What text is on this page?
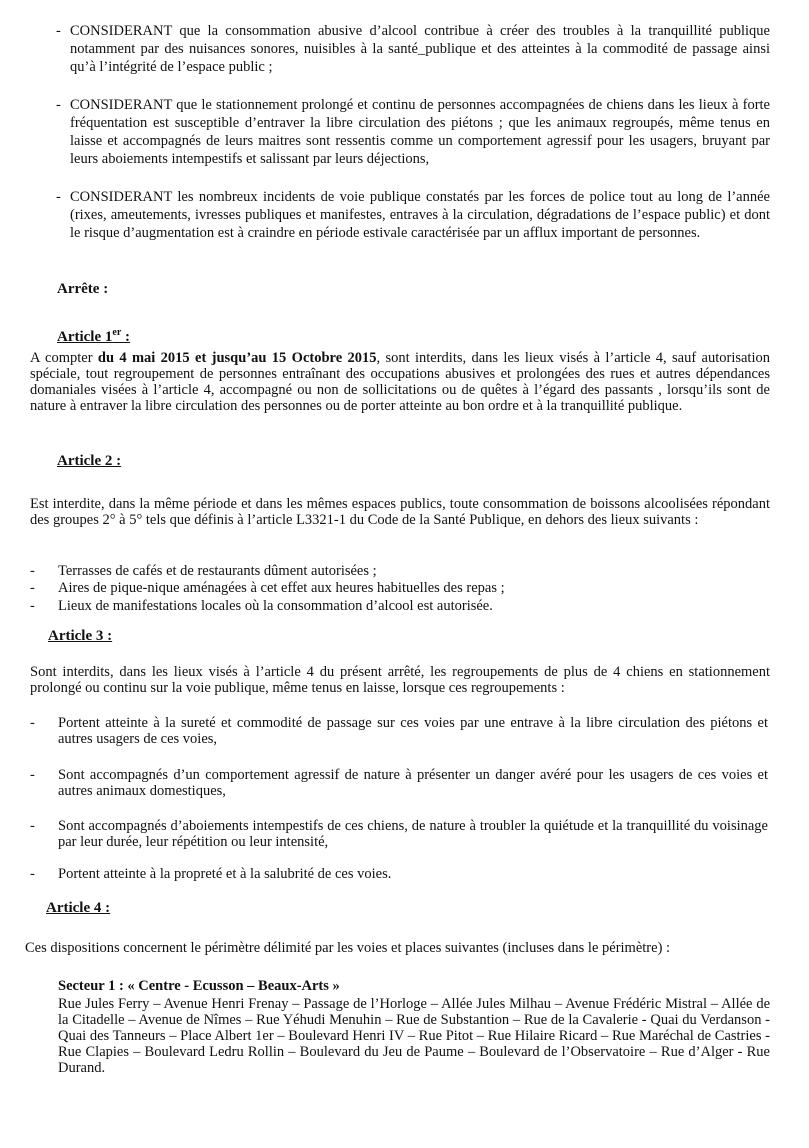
- CONSIDERANT que la consommation abusive d’alcool contribue à créer des troubles à la tranquillité publique notamment par des nuisances sonores, nuisibles à la santé_publique et des atteintes à la commodité de passage ainsi qu’à l’intégrité de l’espace public ;
- CONSIDERANT que le stationnement prolongé et continu de personnes accompagnées de chiens dans les lieux à forte fréquentation est susceptible d’entraver la libre circulation des piétons ; que les animaux regroupés, même tenus en laisse et accompagnés de leurs maitres sont ressentis comme un comportement agressif pour les usagers, bruyant par leurs aboiements intempestifs et salissant par leurs déjections,
- CONSIDERANT les nombreux incidents de voie publique constatés par les forces de police tout au long de l’année (rixes, ameutements, ivresses publiques et manifestes, entraves à la circulation, dégradations de l’espace public) et dont le risque d’augmentation est à craindre en période estivale caractérisée par un afflux important de personnes.
Arrête :
Article 1er :
A compter du 4 mai 2015 et jusqu’au 15 Octobre 2015, sont interdits, dans les lieux visés à l’article 4, sauf autorisation spéciale, tout regroupement de personnes entraînant des occupations abusives et prolongées des rues et autres dépendances domaniales visées à l’article 4, accompagné ou non de sollicitations ou de quêtes à l’égard des passants , lorsqu’ils sont de nature à entraver la libre circulation des personnes ou de porter atteinte au bon ordre et à la tranquillité publique.
Article 2 :
Est interdite, dans la même période et dans les mêmes espaces publics, toute consommation de boissons alcoolisées répondant des groupes 2° à 5° tels que définis à l’article L3321-1 du Code de la Santé Publique, en dehors des lieux suivants :
- Terrasses de cafés et de restaurants dûment autorisées ;
- Aires de pique-nique aménagées à cet effet aux heures habituelles des repas ;
- Lieux de manifestations locales où la consommation d’alcool est autorisée.
Article 3 :
Sont interdits, dans les lieux visés à l’article 4 du présent arrêté, les regroupements de plus de 4 chiens en stationnement prolongé ou continu sur la voie publique, même tenus en laisse, lorsque ces regroupements :
- Portent atteinte à la sureté et commodité de passage sur ces voies par une entrave à la libre circulation des piétons et autres usagers de ces voies,
- Sont accompagnés d’un comportement agressif de nature à présenter un danger avéré pour les usagers de ces voies et autres animaux domestiques,
- Sont accompagnés d’aboiements intempestifs de ces chiens, de nature à troubler la quiétude et la tranquillité du voisinage par leur durée, leur répétition ou leur intensité,
- Portent atteinte à la propreté et à la salubrité de ces voies.
Article 4 :
Ces dispositions concernent le périmètre délimité par les voies et places suivantes (incluses dans le périmètre) :
Secteur 1 : « Centre - Ecusson – Beaux-Arts »
Rue Jules Ferry – Avenue Henri Frenay – Passage de l’Horloge – Allée Jules Milhau – Avenue Frédéric Mistral – Allée de la Citadelle – Avenue de Nîmes – Rue Yéhudi Menuhin – Rue de Substantion – Rue de la Cavalerie - Quai du Verdanson - Quai des Tanneurs – Place Albert 1er – Boulevard Henri IV – Rue Pitot – Rue Hilaire Ricard – Rue Maréchal de Castries - Rue Clapies – Boulevard Ledru Rollin – Boulevard du Jeu de Paume – Boulevard de l’Observatoire – Rue d’Alger - Rue Durand.
